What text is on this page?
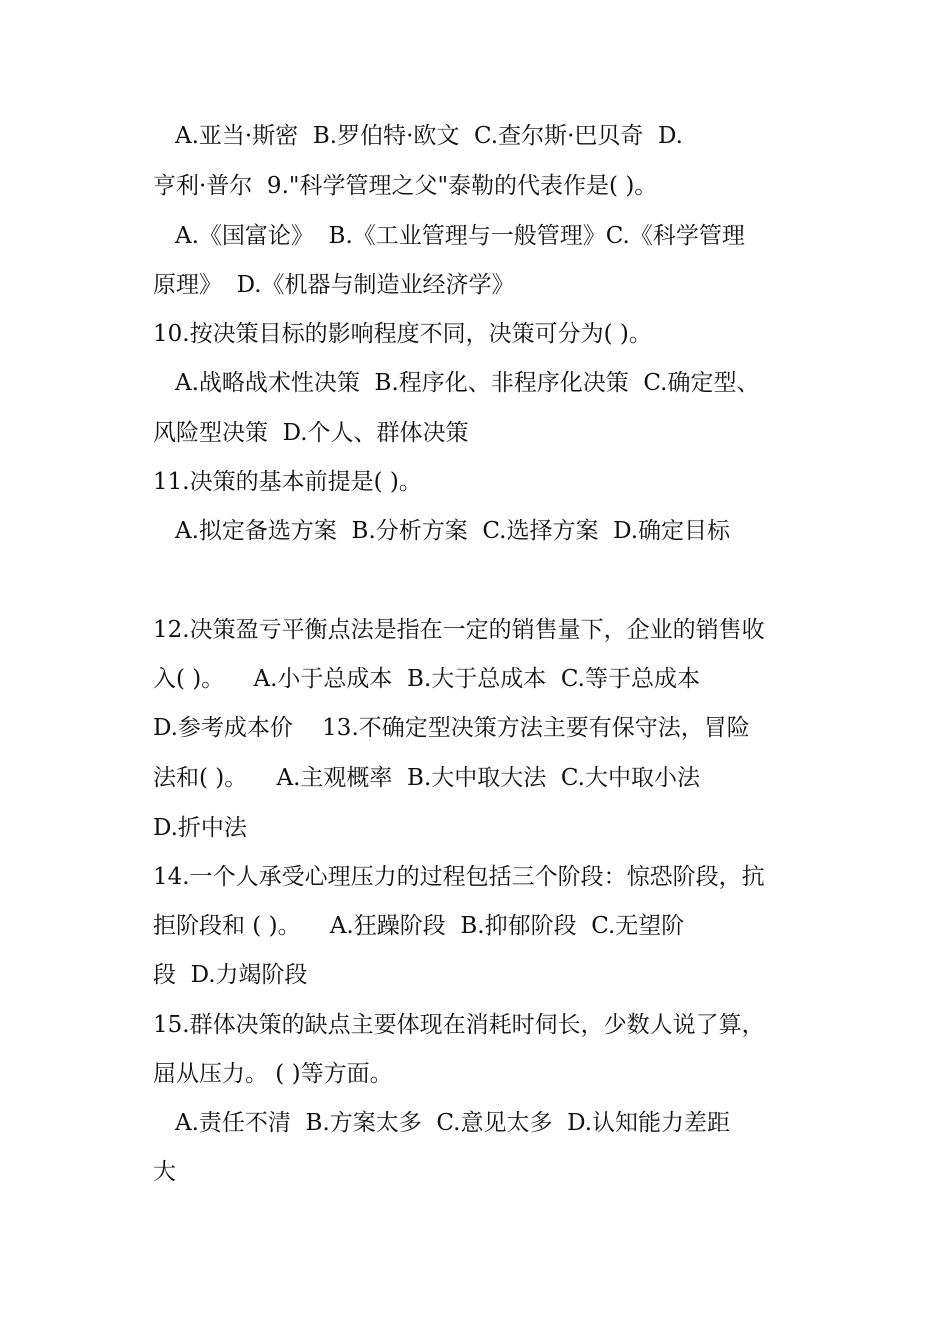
A.亚当·斯密  B.罗伯特·欧文  C.查尔斯·巴贝奇  D.
亨利·普尔  9."科学管理之父"泰勒的代表作是( )。
A.《国富论》  B.《工业管理与一般管理》C.《科学管理
原理》  D.《机器与制造业经济学》
10.按决策目标的影响程度不同，决策可分为( )。
A.战略战术性决策  B.程序化、非程序化决策  C.确定型、
风险型决策  D.个人、群体决策
11.决策的基本前提是( )。
A.拟定备选方案  B.分析方案  C.选择方案  D.确定目标
12.决策盈亏平衡点法是指在一定的销售量下，企业的销售收
入( )。    A.小于总成本  B.大于总成本  C.等于总成本
D.参考成本价    13.不确定型决策方法主要有保守法，冒险
法和( )。    A.主观概率  B.大中取大法  C.大中取小法
D.折中法
14.一个人承受心理压力的过程包括三个阶段：惊恐阶段，抗
拒阶段和 ( )。    A.狂躁阶段  B.抑郁阶段  C.无望阶
段  D.力竭阶段
15.群体决策的缺点主要体现在消耗时伺长，少数人说了算，
屈从压力。 ( )等方面。
A.责任不清  B.方案太多  C.意见太多  D.认知能力差距
大
